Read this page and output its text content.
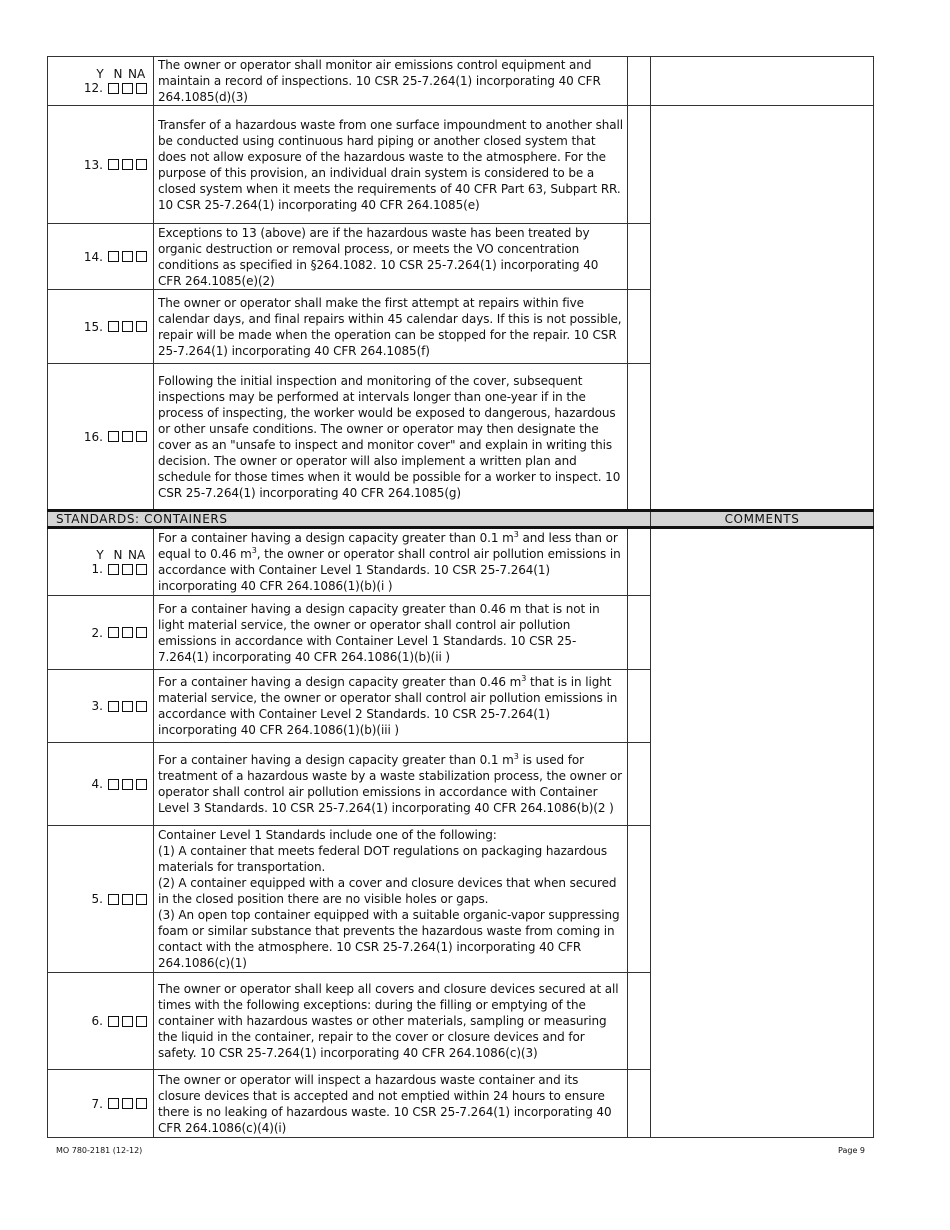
Y N NA
12.	The owner or operator shall monitor air emissions control equipment and maintain a record of inspections. 10 CSR 25-7.264(1) incorporating 40 CFR 264.1085(d)(3)		
13.	Transfer of a hazardous waste from one surface impoundment to another shall be conducted using continuous hard piping or another closed system that does not allow exposure of the hazardous waste to the atmosphere. For the purpose of this provision, an individual drain system is considered to be a closed system when it meets the requirements of 40 CFR Part 63, Subpart RR. 10 CSR 25-7.264(1) incorporating 40 CFR 264.1085(e)		
14.	Exceptions to 13 (above) are if the hazardous waste has been treated by organic destruction or removal process, or meets the VO concentration conditions as specified in §264.1082. 10 CSR 25-7.264(1) incorporating 40 CFR 264.1085(e)(2)		
15.	The owner or operator shall make the first attempt at repairs within five calendar days, and final repairs within 45 calendar days. If this is not possible, repair will be made when the operation can be stopped for the repair. 10 CSR 25-7.264(1) incorporating 40 CFR 264.1085(f)		
16.	Following the initial inspection and monitoring of the cover, subsequent inspections may be performed at intervals longer than one-year if in the process of inspecting, the worker would be exposed to dangerous, hazardous or other unsafe conditions. The owner or operator may then designate the cover as an "unsafe to inspect and monitor cover" and explain in writing this decision. The owner or operator will also implement a written plan and schedule for those times when it would be possible for a worker to inspect. 10 CSR 25-7.264(1) incorporating 40 CFR 264.1085(g)		
STANDARDS: CONTAINERS			COMMENTS

Y N NA
1.	For a container having a design capacity greater than 0.1 $m^3$ and less than or equal to 0.46 $m^3$, the owner or operator shall control air pollution emissions in accordance with Container Level 1 Standards. 10 CSR 25-7.264(1) incorporating 40 CFR 264.1086(1)(b)(i )		
2.	For a container having a design capacity greater than 0.46 m that is not in light material service, the owner or operator shall control air pollution emissions in accordance with Container Level 1 Standards. 10 CSR 25-7.264(1) incorporating 40 CFR 264.1086(1)(b)(ii )		
3.	For a container having a design capacity greater than 0.46 $m^3$ that is in light material service, the owner or operator shall control air pollution emissions in accordance with Container Level 2 Standards. 10 CSR 25-7.264(1) incorporating 40 CFR 264.1086(1)(b)(iii )		
4.	For a container having a design capacity greater than 0.1 $m^3$ is used for treatment of a hazardous waste by a waste stabilization process, the owner or operator shall control air pollution emissions in accordance with Container Level 3 Standards. 10 CSR 25-7.264(1) incorporating 40 CFR 264.1086(b)(2 )		
5.	Container Level 1 Standards include one of the following:
(1) A container that meets federal DOT regulations on packaging hazardous materials for transportation.
(2) A container equipped with a cover and closure devices that when secured in the closed position there are no visible holes or gaps.
(3) An open top container equipped with a suitable organic-vapor suppressing foam or similar substance that prevents the hazardous waste from coming in contact with the atmosphere. 10 CSR 25-7.264(1) incorporating 40 CFR 264.1086(c)(1)		

6.	The owner or operator shall keep all covers and closure devices secured at all times with the following exceptions: during the filling or emptying of the container with hazardous wastes or other materials, sampling or measuring the liquid in the container, repair to the cover or closure devices and for safety. 10 CSR 25-7.264(1) incorporating 40 CFR 264.1086(c)(3)		
7.	The owner or operator will inspect a hazardous waste container and its closure devices that is accepted and not emptied within 24 hours to ensure there is no leaking of hazardous waste. 10 CSR 25-7.264(1) incorporating 40 CFR 264.1086(c)(4)(i)		
MO 780-2181 (12-12)	Page 9
